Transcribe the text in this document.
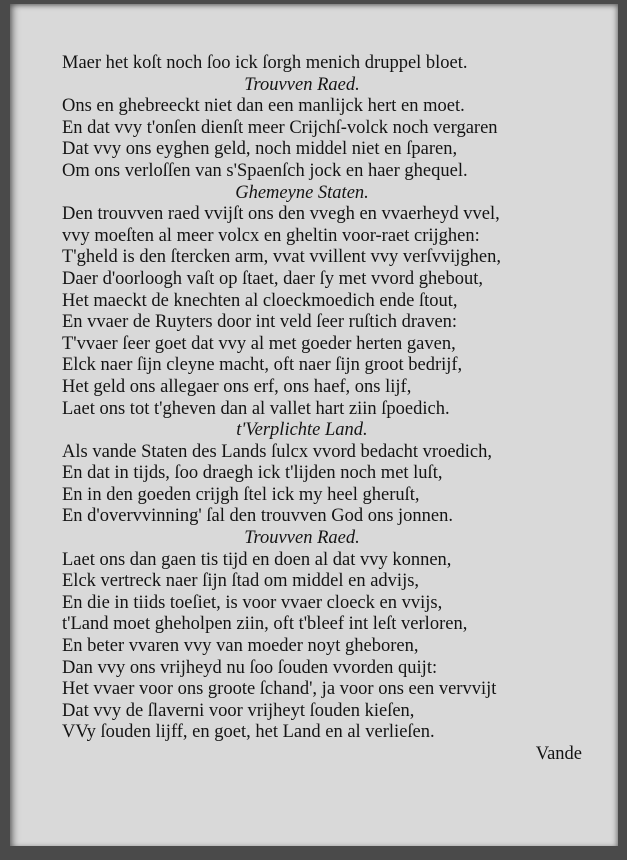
Maer het koſt noch ſoo ick ſorgh menich druppel bloet.
Trouvven Raed.
Ons en ghebreeckt niet dan een manlijck hert en moet.
En dat vvy t'onſen dienſt meer Crijchſ-volck noch vergaren
Dat vvy ons eyghen geld, noch middel niet en ſparen,
Om ons verloſſen van s'Spaenſch jock en haer ghequel.
Ghemeyne Staten.
Den trouvven raed vvijſt ons den vvegh en vvaerheyd vvel,
vvy moeſten al meer volcx en gheltin voor-raet crijghen:
T'gheld is den ſtercken arm, vvat vvillent vvy verſvvijghen,
Daer d'oorloogh vaſt op ſtaet, daer ſy met vvord ghebout,
Het maeckt de knechten al cloeckmoedich ende ſtout,
En vvaer de Ruyters door int veld ſeer ruſtich draven:
T'vvaer ſeer goet dat vvy al met goeder herten gaven,
Elck naer ſijn cleyne macht, oft naer ſijn groot bedrijf,
Het geld ons allegaer ons erf, ons haef, ons lijf,
Laet ons tot t'gheven dan al vallet hart ziin ſpoedich.
t'Verplichte Land.
Als vande Staten des Lands ſulcx vvord bedacht vroedich,
En dat in tijds, ſoo draegh ick t'lijden noch met luſt,
En in den goeden crijgh ſtel ick my heel gheruſt,
En d'overvvinning' ſal den trouvven God ons jonnen.
Trouvven Raed.
Laet ons dan gaen tis tijd en doen al dat vvy konnen,
Elck vertreck naer ſijn ſtad om middel en advijs,
En die in tiids toeſiet, is voor vvaer cloeck en vvijs,
t'Land moet gheholpen ziin, oft t'bleef int leſt verloren,
En beter vvaren vvy van moeder noyt gheboren,
Dan vvy ons vrijheyd nu ſoo ſouden vvorden quijt:
Het vvaer voor ons groote ſchand', ja voor ons een vervvijt
Dat vvy de ſlaverni voor vrijheyt ſouden kieſen,
VVy ſouden lijff, en goet, het Land en al verlieſen.
Vande
